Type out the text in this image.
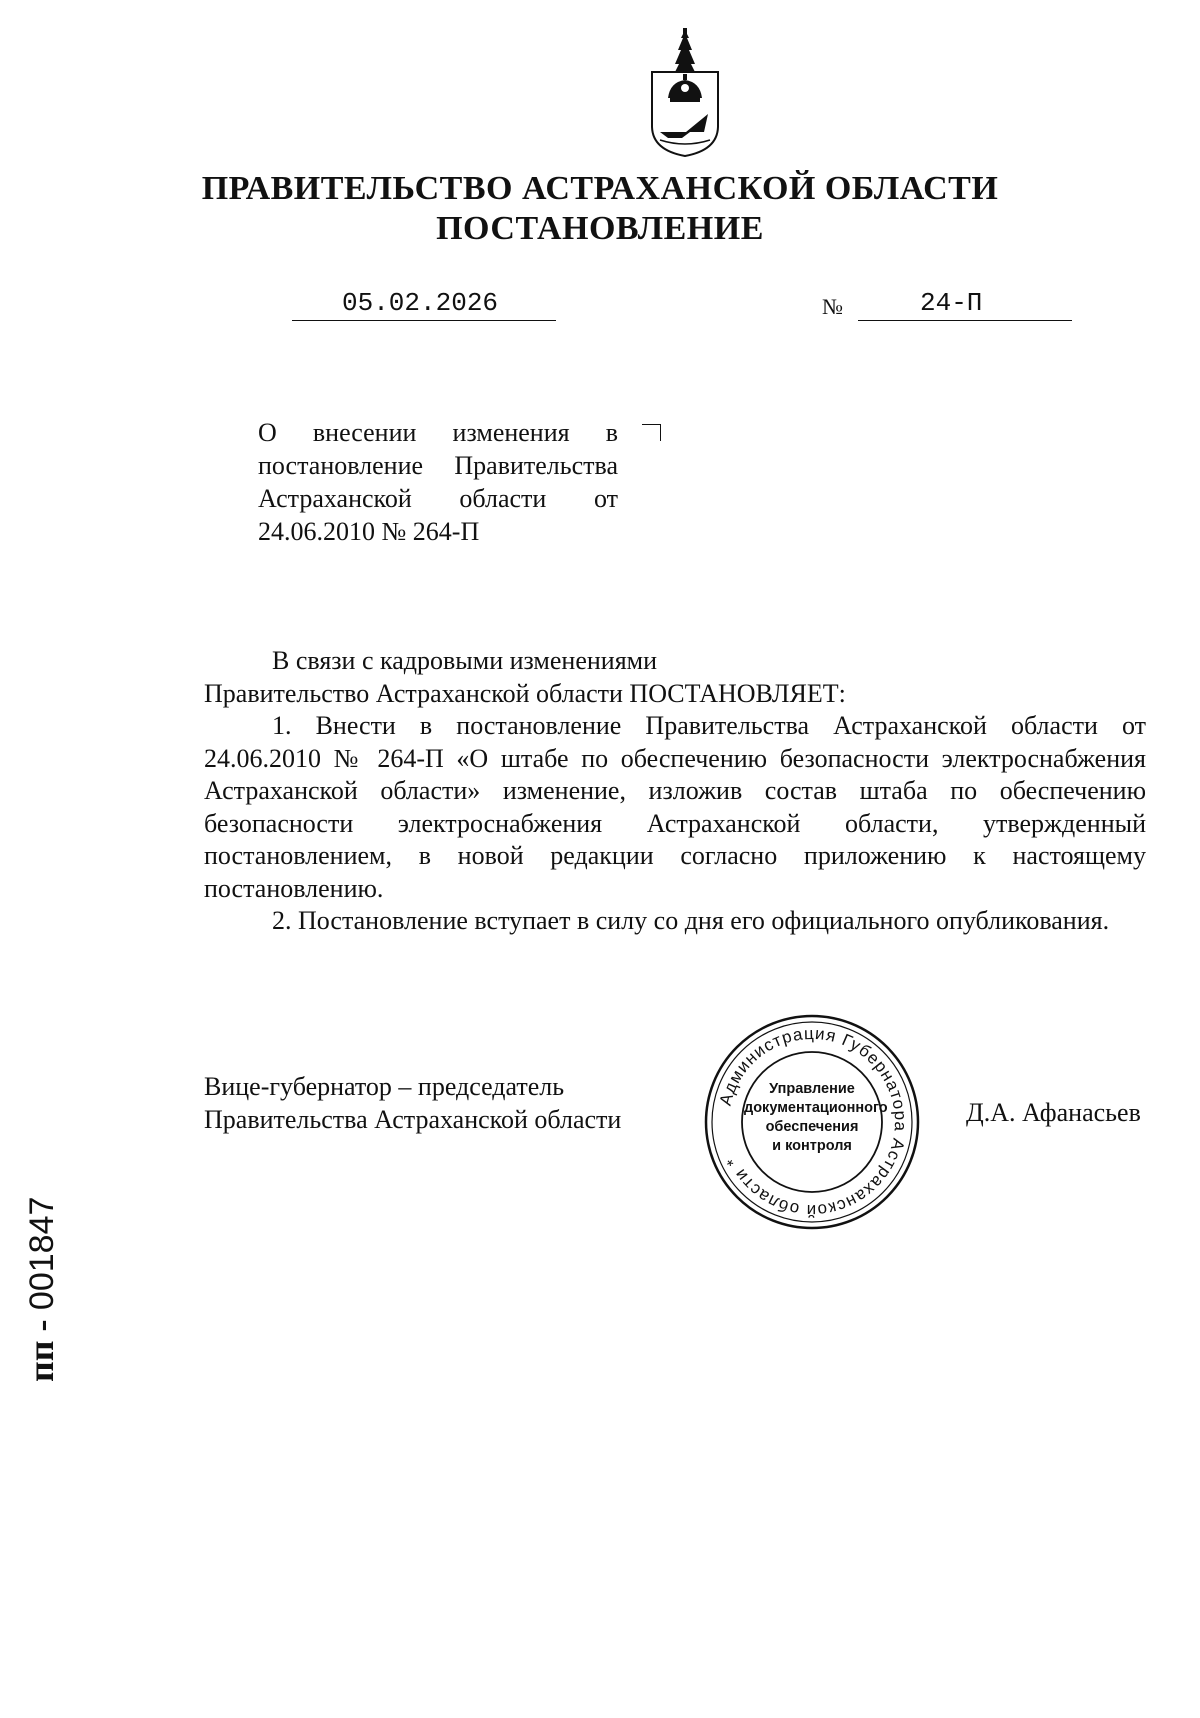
ПРАВИТЕЛЬСТВО АСТРАХАНСКОЙ ОБЛАСТИ
ПОСТАНОВЛЕНИЕ
05.02.2026	№	24-П
О внесении изменения в
постановление Правительства
Астраханской области от
24.06.2010 № 264-П
В связи с кадровыми изменениями
Правительство Астраханской области ПОСТАНОВЛЯЕТ:
1. Внести в постановление Правительства Астраханской области от 24.06.2010 № 264-П «О штабе по обеспечению безопасности электроснабжения Астраханской области» изменение, изложив состав штаба по обеспечению безопасности электроснабжения Астраханской области, утвержденный постановлением, в новой редакции согласно приложению к настоящему постановлению.
2. Постановление вступает в силу со дня его официального опубликования.
Вице-губернатор – председатель
Правительства Астраханской области
Администрация Губернатора Астраханской области *
Управление
документационного
обеспечения
и контроля
Д.А. Афанасьев
пп - 001847
